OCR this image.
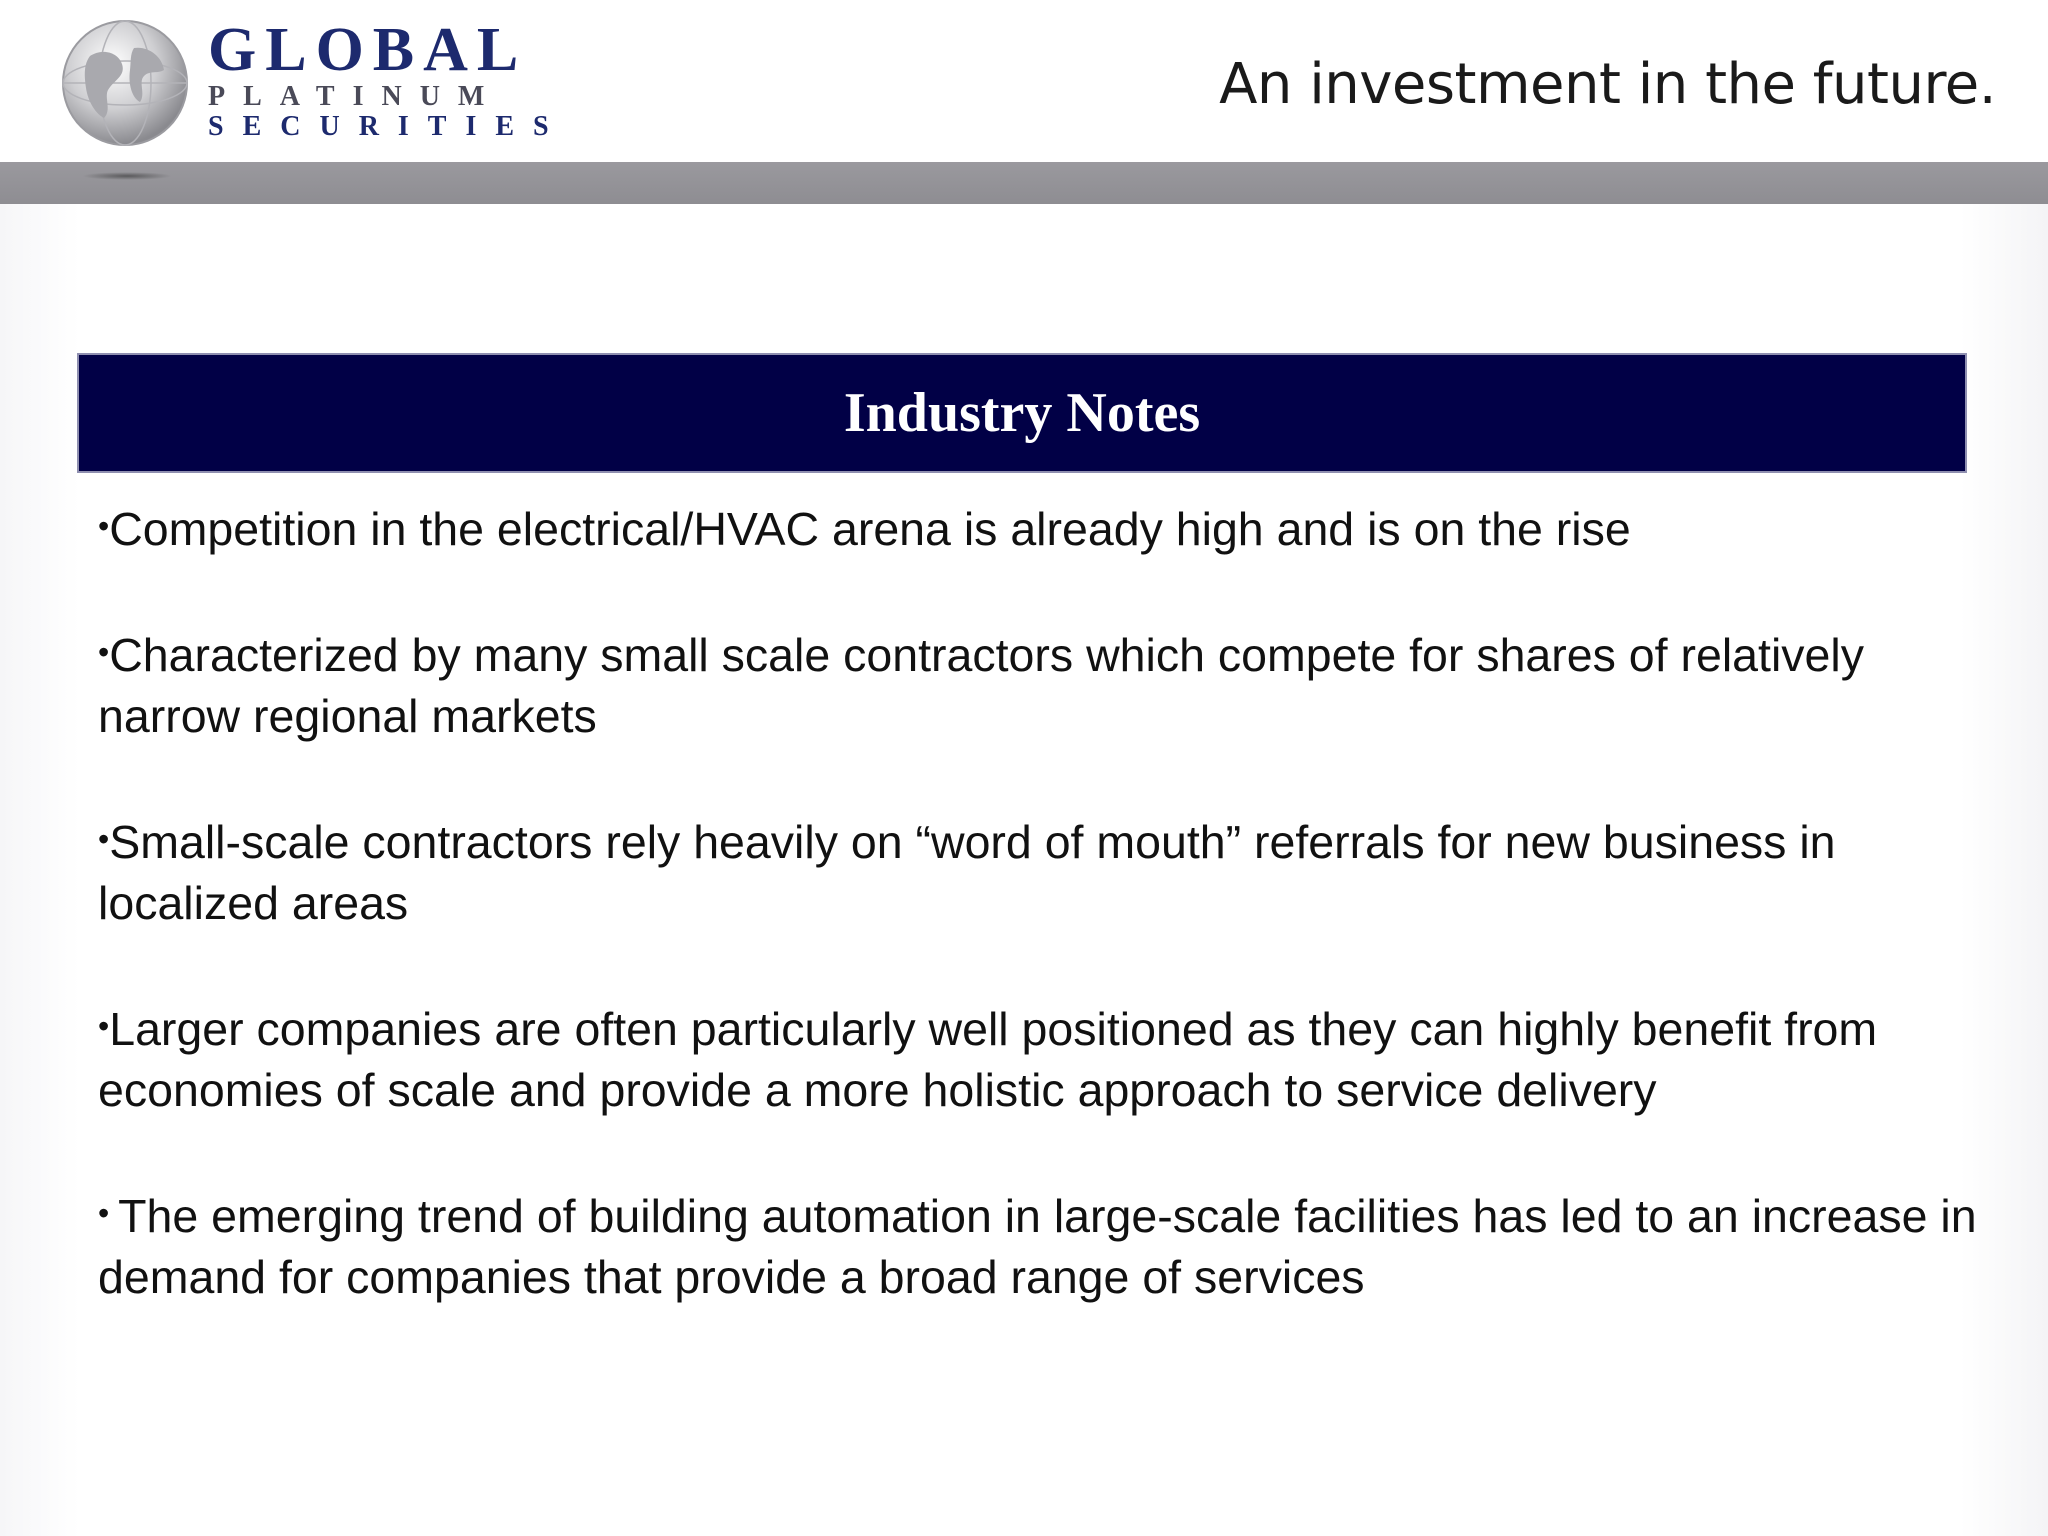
GLOBAL
PLATINUM
SECURITIES
An investment in the future.
Industry Notes

•Competition in the electrical/HVAC arena is already high and is on the rise

•Characterized by many small scale contractors which compete for shares of relatively narrow regional markets

•Small-scale contractors rely heavily on “word of mouth” referrals for new business in localized areas

•Larger companies are often particularly well positioned as they can highly benefit from economies of scale and provide a more holistic approach to service delivery

• The emerging trend of building automation in large-scale facilities has led to an increase in demand for companies that provide a broad range of services
